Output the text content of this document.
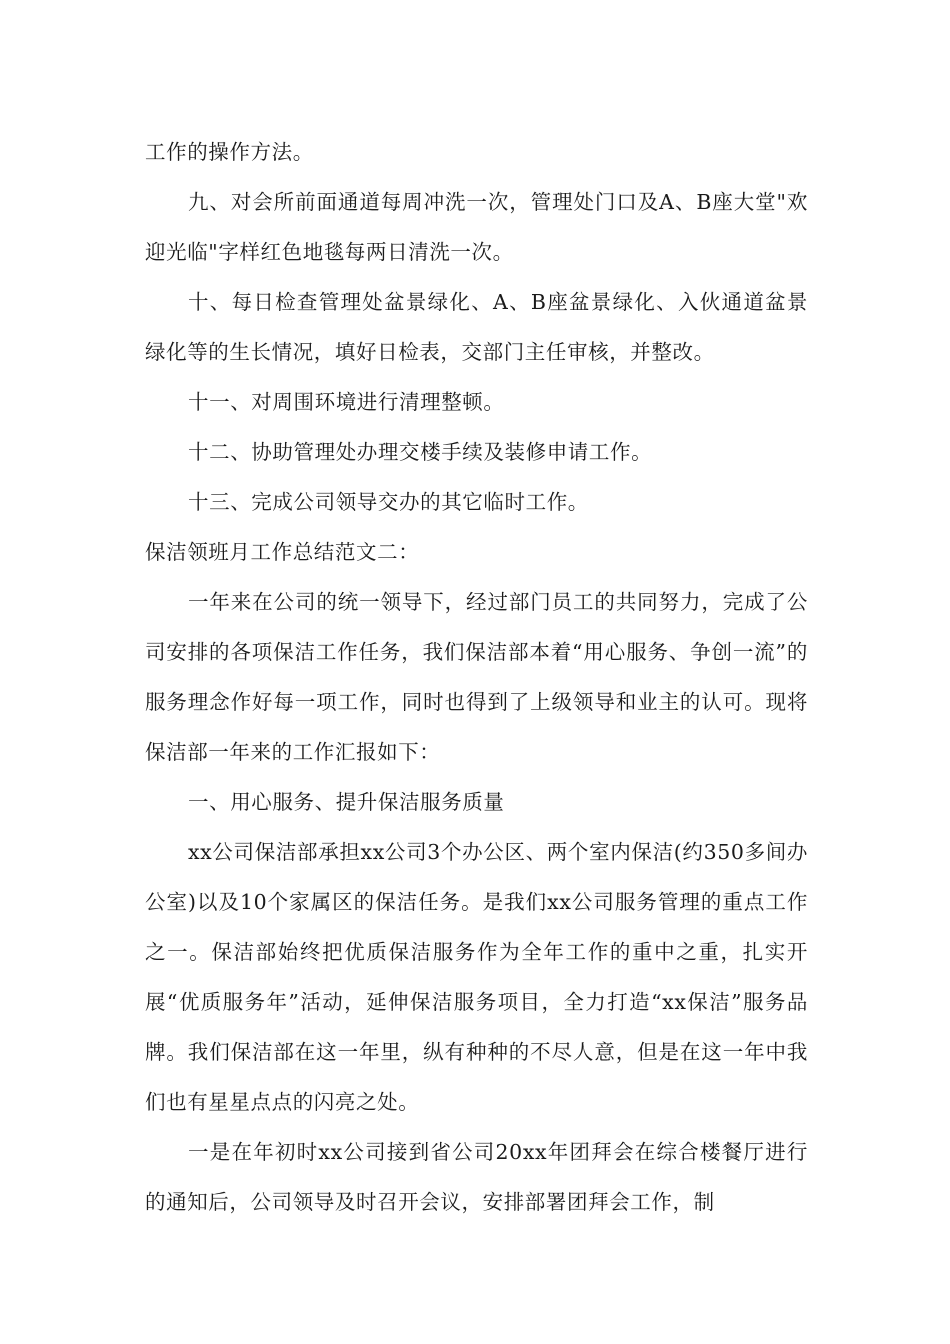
工作的操作方法。

九、对会所前面通道每周冲洗一次，管理处门口及A、B座大堂"欢迎光临"字样红色地毯每两日清洗一次。

十、每日检查管理处盆景绿化、A、B座盆景绿化、入伙通道盆景绿化等的生长情况，填好日检表，交部门主任审核，并整改。

十一、对周围环境进行清理整顿。

十二、协助管理处办理交楼手续及装修申请工作。

十三、完成公司领导交办的其它临时工作。

保洁领班月工作总结范文二：

一年来在公司的统一领导下，经过部门员工的共同努力，完成了公司安排的各项保洁工作任务，我们保洁部本着“用心服务、争创一流”的服务理念作好每一项工作，同时也得到了上级领导和业主的认可。现将保洁部一年来的工作汇报如下：

一、用心服务、提升保洁服务质量

xx公司保洁部承担xx公司3个办公区、两个室内保洁(约350多间办公室)以及10个家属区的保洁任务。是我们xx公司服务管理的重点工作之一。保洁部始终把优质保洁服务作为全年工作的重中之重，扎实开展“优质服务年”活动，延伸保洁服务项目，全力打造“xx保洁”服务品牌。我们保洁部在这一年里，纵有种种的不尽人意，但是在这一年中我们也有星星点点的闪亮之处。

一是在年初时xx公司接到省公司20xx年团拜会在综合楼餐厅进行的通知后，公司领导及时召开会议，安排部署团拜会工作，制
